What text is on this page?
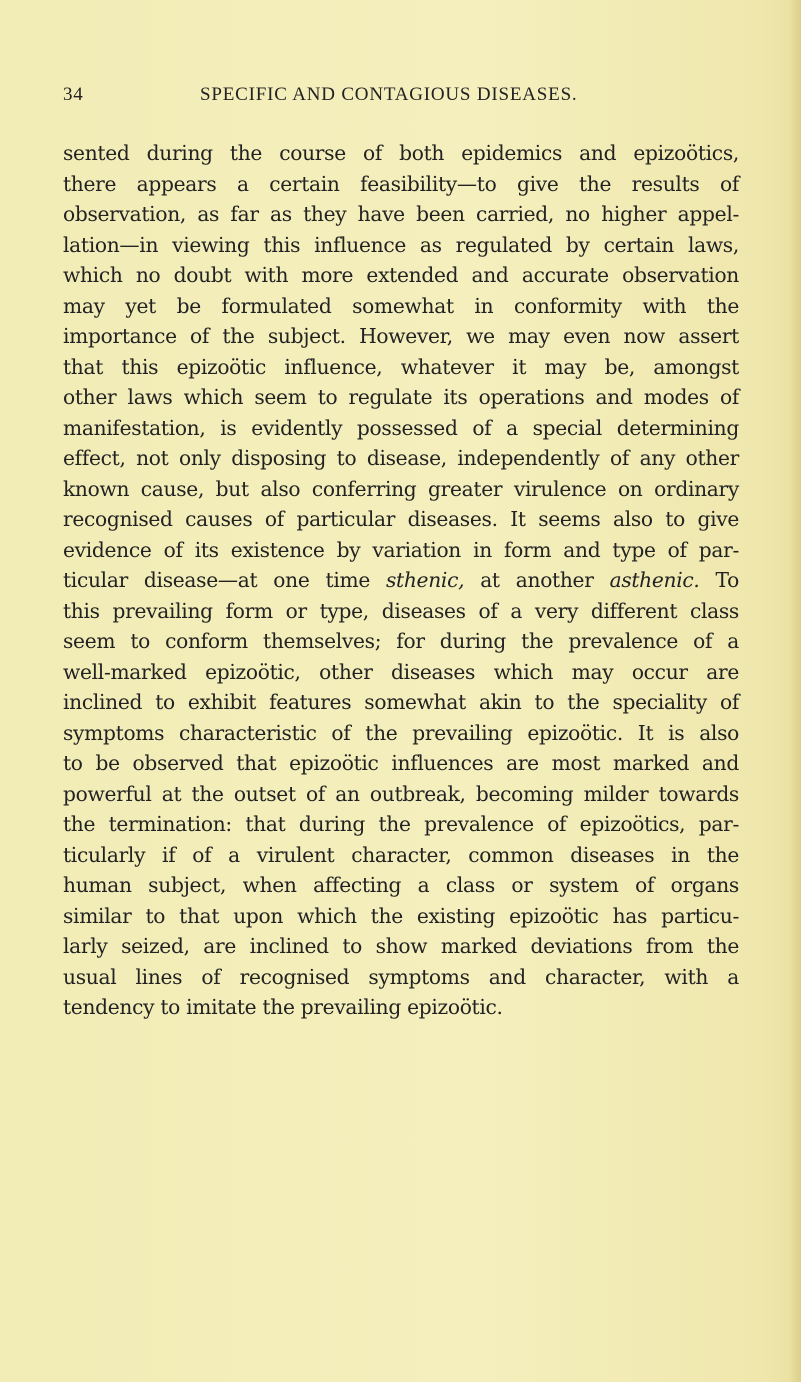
34	SPECIFIC AND CONTAGIOUS DISEASES.
sented during the course of both epidemics and epizoötics,
there appears a certain feasibility—to give the results of
observation, as far as they have been carried, no higher appel-
lation—in viewing this influence as regulated by certain laws,
which no doubt with more extended and accurate observation
may yet be formulated somewhat in conformity with the
importance of the subject. However, we may even now assert
that this epizoötic influence, whatever it may be, amongst
other laws which seem to regulate its operations and modes of
manifestation, is evidently possessed of a special determining
effect, not only disposing to disease, independently of any other
known cause, but also conferring greater virulence on ordinary
recognised causes of particular diseases. It seems also to give
evidence of its existence by variation in form and type of par-
ticular disease—at one time sthenic, at another asthenic. To
this prevailing form or type, diseases of a very different class
seem to conform themselves; for during the prevalence of a
well-marked epizoötic, other diseases which may occur are
inclined to exhibit features somewhat akin to the speciality of
symptoms characteristic of the prevailing epizoötic. It is also
to be observed that epizoötic influences are most marked and
powerful at the outset of an outbreak, becoming milder towards
the termination: that during the prevalence of epizoötics, par-
ticularly if of a virulent character, common diseases in the
human subject, when affecting a class or system of organs
similar to that upon which the existing epizoötic has particu-
larly seized, are inclined to show marked deviations from the
usual lines of recognised symptoms and character, with a
tendency to imitate the prevailing epizoötic.
